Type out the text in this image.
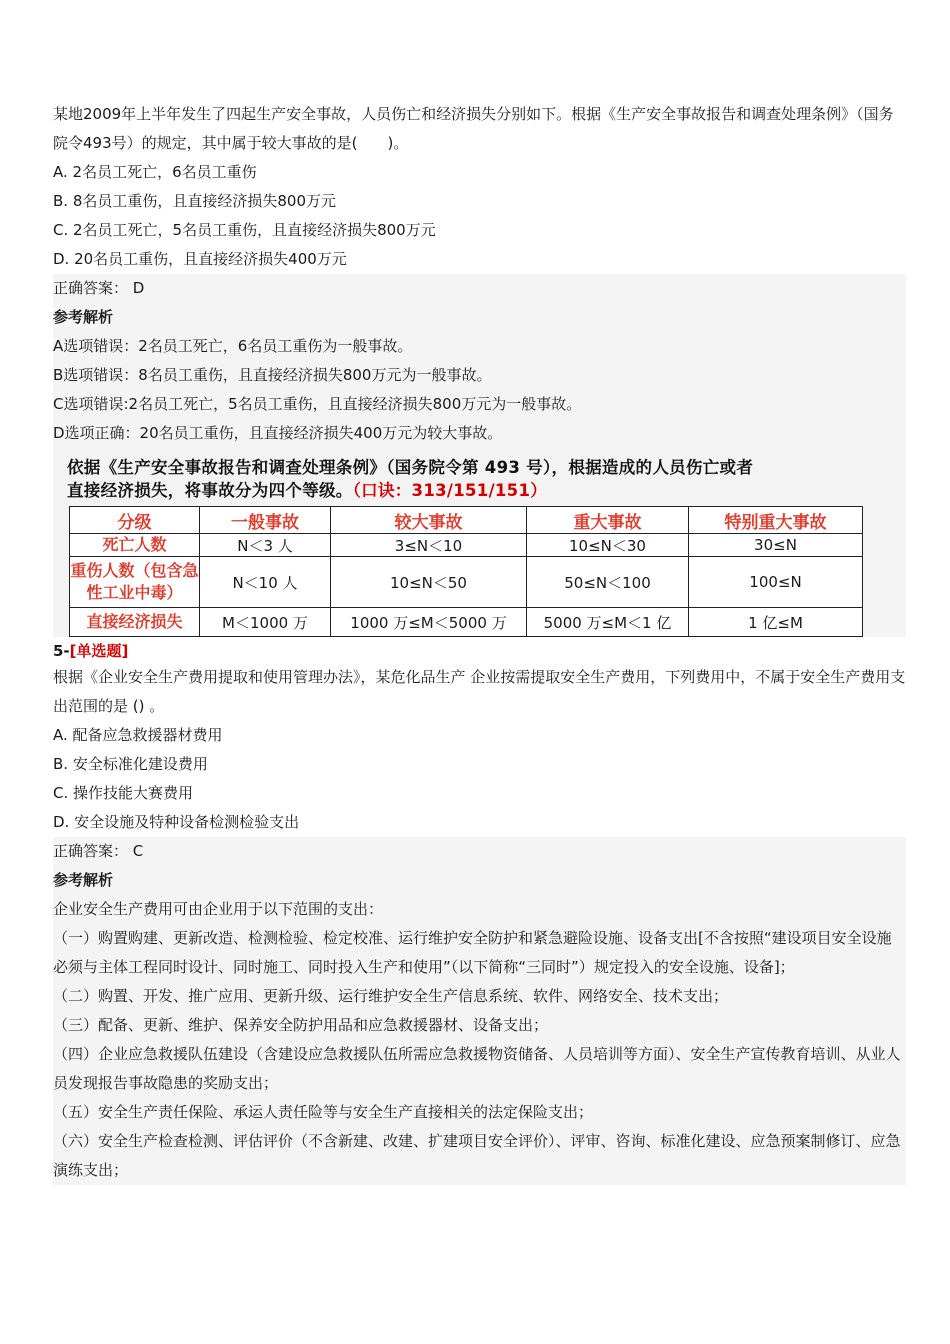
某地2009年上半年发生了四起生产安全事故，人员伤亡和经济损失分别如下。根据《生产安全事故报告和调查处理条例》（国务院令493号）的规定，其中属于较大事故的是(　　)。
A. 2名员工死亡，6名员工重伤
B. 8名员工重伤，且直接经济损失800万元
C. 2名员工死亡，5名员工重伤，且直接经济损失800万元
D. 20名员工重伤，且直接经济损失400万元
正确答案： D
参考解析
A选项错误：2名员工死亡，6名员工重伤为一般事故。
B选项错误：8名员工重伤，且直接经济损失800万元为一般事故。
C选项错误:2名员工死亡，5名员工重伤，且直接经济损失800万元为一般事故。
D选项正确：20名员工重伤，且直接经济损失400万元为较大事故。
依据《生产安全事故报告和调查处理条例》（国务院令第 493 号），根据造成的人员伤亡或者
直接经济损失，将事故分为四个等级。（口诀：313/151/151）
分级	一般事故	较大事故	重大事故	特别重大事故
死亡人数	N＜3 人	3≤N＜10	10≤N＜30	30≤N
重伤人数（包含急性工业中毒）	N＜10 人	10≤N＜50	50≤N＜100	100≤N
直接经济损失	M＜1000 万	1000 万≤M＜5000 万	5000 万≤M＜1 亿	1 亿≤M
5-[单选题]
根据《企业安全生产费用提取和使用管理办法》，某危化品生产 企业按需提取安全生产费用，下列费用中，不属于安全生产费用支出范围的是 () 。
A. 配备应急救援器材费用
B. 安全标准化建设费用
C. 操作技能大赛费用
D. 安全设施及特种设备检测检验支出
正确答案： C
参考解析
企业安全生产费用可由企业用于以下范围的支出：
（一）购置购建、更新改造、检测检验、检定校准、运行维护安全防护和紧急避险设施、设备支出[不含按照“建设项目安全设施必须与主体工程同时设计、同时施工、同时投入生产和使用”（以下简称“三同时”）规定投入的安全设施、设备]；
（二）购置、开发、推广应用、更新升级、运行维护安全生产信息系统、软件、网络安全、技术支出；
（三）配备、更新、维护、保养安全防护用品和应急救援器材、设备支出；
（四）企业应急救援队伍建设（含建设应急救援队伍所需应急救援物资储备、人员培训等方面）、安全生产宣传教育培训、从业人员发现报告事故隐患的奖励支出；
（五）安全生产责任保险、承运人责任险等与安全生产直接相关的法定保险支出；
（六）安全生产检查检测、评估评价（不含新建、改建、扩建项目安全评价）、评审、咨询、标准化建设、应急预案制修订、应急演练支出；
